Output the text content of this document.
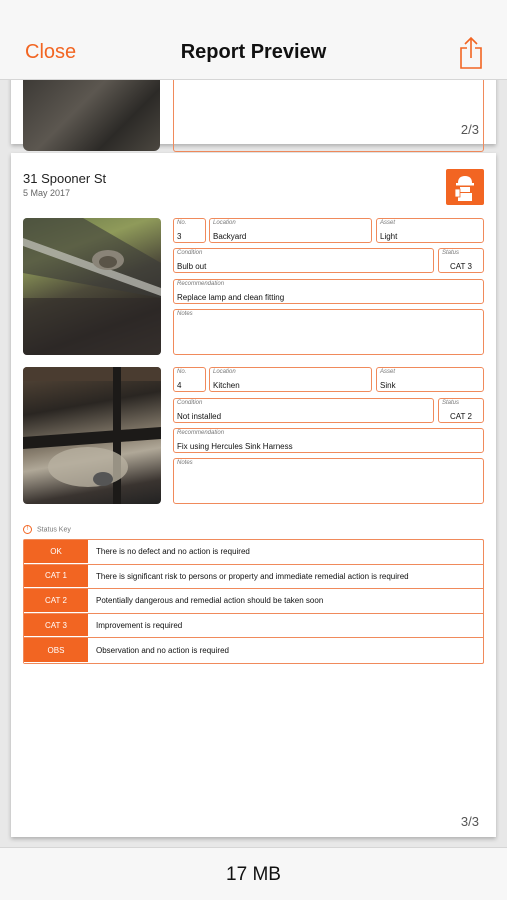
Close	Report Preview
2/3
31 Spooner St
5 May 2017
No.
3
Location
Backyard
Asset
Light
Condition
Bulb out
Status
CAT 3
Recommendation
Replace lamp and clean fitting
Notes
No.
4
Location
Kitchen
Asset
Sink
Condition
Not installed
Status
CAT 2
Recommendation
Fix using Hercules Sink Harness
Notes
! Status Key
OK	There is no defect and no action is required
CAT 1	There is significant risk to persons or property and immediate remedial action is required
CAT 2	Potentially dangerous and remedial action should be taken soon
CAT 3	Improvement is required
OBS	Observation and no action is required
3/3
17 MB
